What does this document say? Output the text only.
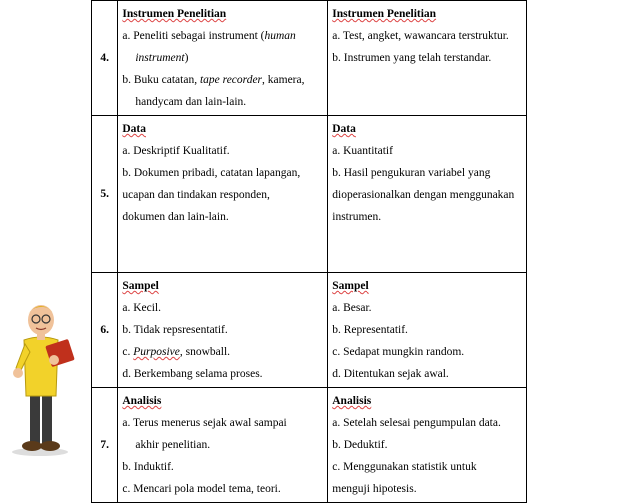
4.	Instrumen Penelitian
a. Peneliti sebagai instrument (human
instrument)
b. Buku catatan, tape recorder, kamera,
handycam dan lain-lain.	Instrumen Penelitian
a. Test, angket, wawancara terstruktur.
b. Instrumen yang telah terstandar.

5.	Data
a. Deskriptif Kualitatif.
b. Dokumen pribadi, catatan lapangan,
ucapan dan tindakan responden,
dokumen dan lain-lain.	Data
a. Kuantitatif
b. Hasil pengukuran variabel yang
dioperasionalkan dengan menggunakan
instrumen.

6.	Sampel
a. Kecil.
b. Tidak repsresentatif.
c. Purposive, snowball.
d. Berkembang selama proses.	Sampel
a. Besar.
b. Representatif.
c. Sedapat mungkin random.
d. Ditentukan sejak awal.

7.	Analisis
a. Terus menerus sejak awal sampai
akhir penelitian.
b. Induktif.
c. Mencari pola model tema, teori.	Analisis
a. Setelah selesai pengumpulan data.
b. Deduktif.
c. Menggunakan statistik untuk
menguji hipotesis.
